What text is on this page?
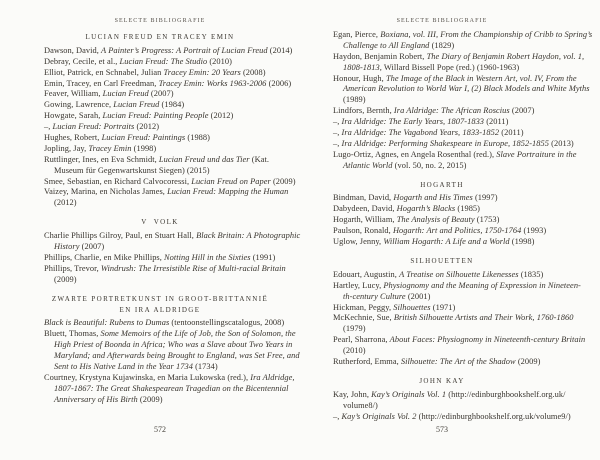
SELECTE BIBLIOGRAFIE
LUCIAN FREUD EN TRACEY EMIN
Dawson, David, A Painter’s Progress: A Portrait of Lucian Freud (2014)
Debray, Cecile, et al., Lucian Freud: The Studio (2010)
Elliot, Patrick, en Schnabel, Julian Tracey Emin: 20 Years (2008)
Emin, Tracey, en Carl Freedman, Tracey Emin: Works 1963-2006 (2006)
Feaver, William, Lucian Freud (2007)
Gowing, Lawrence, Lucian Freud (1984)
Howgate, Sarah, Lucian Freud: Painting People (2012)
–, Lucian Freud: Portraits (2012)
Hughes, Robert, Lucian Freud: Paintings (1988)
Jopling, Jay, Tracey Emin (1998)
Ruttlinger, Ines, en Eva Schmidt, Lucian Freud und das Tier (Kat.
Museum für Gegenwartskunst Siegen) (2015)
Smee, Sebastian, en Richard Calvocoressi, Lucian Freud on Paper (2009)
Vaizey, Marina, en Nicholas James, Lucian Freud: Mapping the Human
(2012)
V  VOLK
Charlie Phillips Gilroy, Paul, en Stuart Hall, Black Britain: A Photographic
History (2007)
Phillips, Charlie, en Mike Phillips, Notting Hill in the Sixties (1991)
Phillips, Trevor, Windrush: The Irresistible Rise of Multi-racial Britain
(2009)
ZWARTE PORTRETKUNST IN GROOT-BRITTANNIË
EN IRA ALDRIDGE
Black is Beautiful: Rubens to Dumas (tentoonstellingscatalogus, 2008)
Bluett, Thomas, Some Memoirs of the Life of Job, the Son of Solomon, the
High Priest of Boonda in Africa; Who was a Slave about Two Years in
Maryland; and Afterwards being Brought to England, was Set Free, and
Sent to His Native Land in the Year 1734 (1734)
Courtney, Krystyna Kujawinska, en Maria Lukowska (red.), Ira Aldridge,
1807-1867: The Great Shakespearean Tragedian on the Bicentennial
Anniversary of His Birth (2009)
572
SELECTE BIBLIOGRAFIE
Egan, Pierce, Boxiana, vol. III, From the Championship of Cribb to Spring’s
Challenge to All England (1829)
Haydon, Benjamin Robert, The Diary of Benjamin Robert Haydon, vol. 1,
1808-1813, Willard Bissell Pope (red.) (1960-1963)
Honour, Hugh, The Image of the Black in Western Art, vol. IV, From the
American Revolution to World War I, (2) Black Models and White Myths
(1989)
Lindfors, Bernth, Ira Aldridge: The African Roscius (2007)
–, Ira Aldridge: The Early Years, 1807-1833 (2011)
–, Ira Aldridge: The Vagabond Years, 1833-1852 (2011)
–, Ira Aldridge: Performing Shakespeare in Europe, 1852-1855 (2013)
Lugo-Ortiz, Agnes, en Angela Rosenthal (red.), Slave Portraiture in the
Atlantic World (vol. 50, no. 2, 2015)
HOGARTH
Bindman, David, Hogarth and His Times (1997)
Dabydeen, David, Hogarth’s Blacks (1985)
Hogarth, William, The Analysis of Beauty (1753)
Paulson, Ronald, Hogarth: Art and Politics, 1750-1764 (1993)
Uglow, Jenny, William Hogarth: A Life and a World (1998)
SILHOUETTEN
Edouart, Augustin, A Treatise on Silhouette Likenesses (1835)
Hartley, Lucy, Physiognomy and the Meaning of Expression in Nineteen-
th-century Culture (2001)
Hickman, Peggy, Silhouettes (1971)
McKechnie, Sue, British Silhouette Artists and Their Work, 1760-1860
(1979)
Pearl, Sharrona, About Faces: Physiognomy in Nineteenth-century Britain
(2010)
Rutherford, Emma, Silhouette: The Art of the Shadow (2009)
JOHN KAY
Kay, John, Kay’s Originals Vol. 1 (http://edinburghbookshelf.org.uk/
volume8/)
–, Kay’s Originals Vol. 2 (http://edinburghbookshelf.org.uk/volume9/)
573
